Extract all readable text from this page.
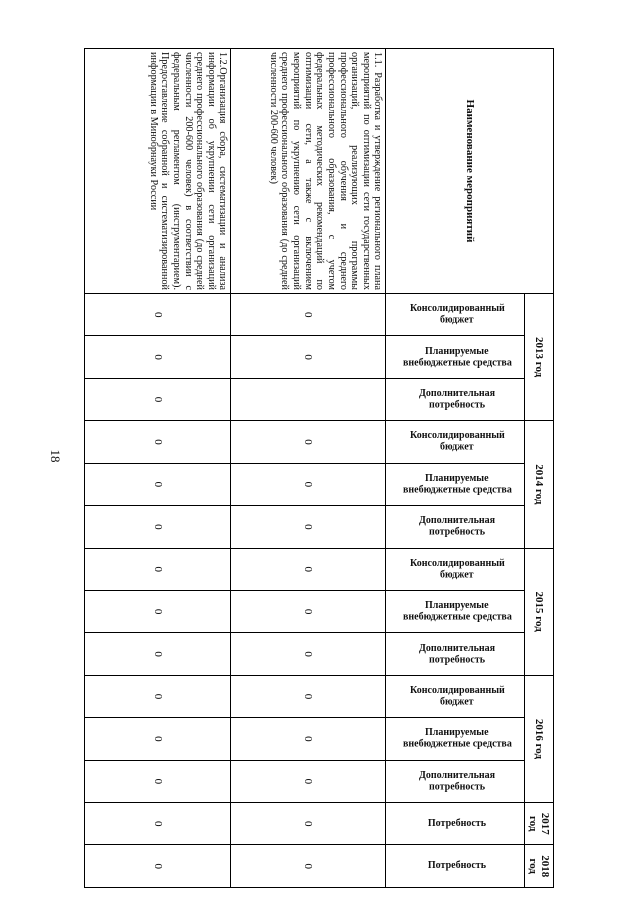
18
Наименование мероприятий	2013 год			2014 год			2015 год			2016 год			2017 год	2018 год
	Консолидированный бюджет	Планируемые внебюджетные средства	Дополнительная потребность	Консолидированный бюджет	Планируемые внебюджетные средства	Дополнительная потребность	Консолидированный бюджет	Планируемые внебюджетные средства	Дополнительная потребность	Консолидированный бюджет	Планируемые внебюджетные средства	Дополнительная потребность	Потребность	Потребность
1.1. Разработка и утверждение регионального плана мероприятий по оптимизации сети государственных организаций, реализующих программы профессионального обучения и среднего профессионального образования, с учетом федеральных методических рекомендаций по оптимизации сети, а также с включением мероприятий по укрупнению сети организаций среднего профессионального образования (до средней численности 200-600 человек)	0	0		0	0	0	0	0	0	0	0	0	0	0
1.2.Организация сбора, систематизации и анализа информации об укрупнении сети организаций среднего профессионального образования (до средней численности 200-600 человек) в соответствии с федеральным регламентом (инструментарием). Предоставление собранной и систематизированной информации в Минобрнауки России	0	0	0	0	0	0	0	0	0	0	0	0	0	0
